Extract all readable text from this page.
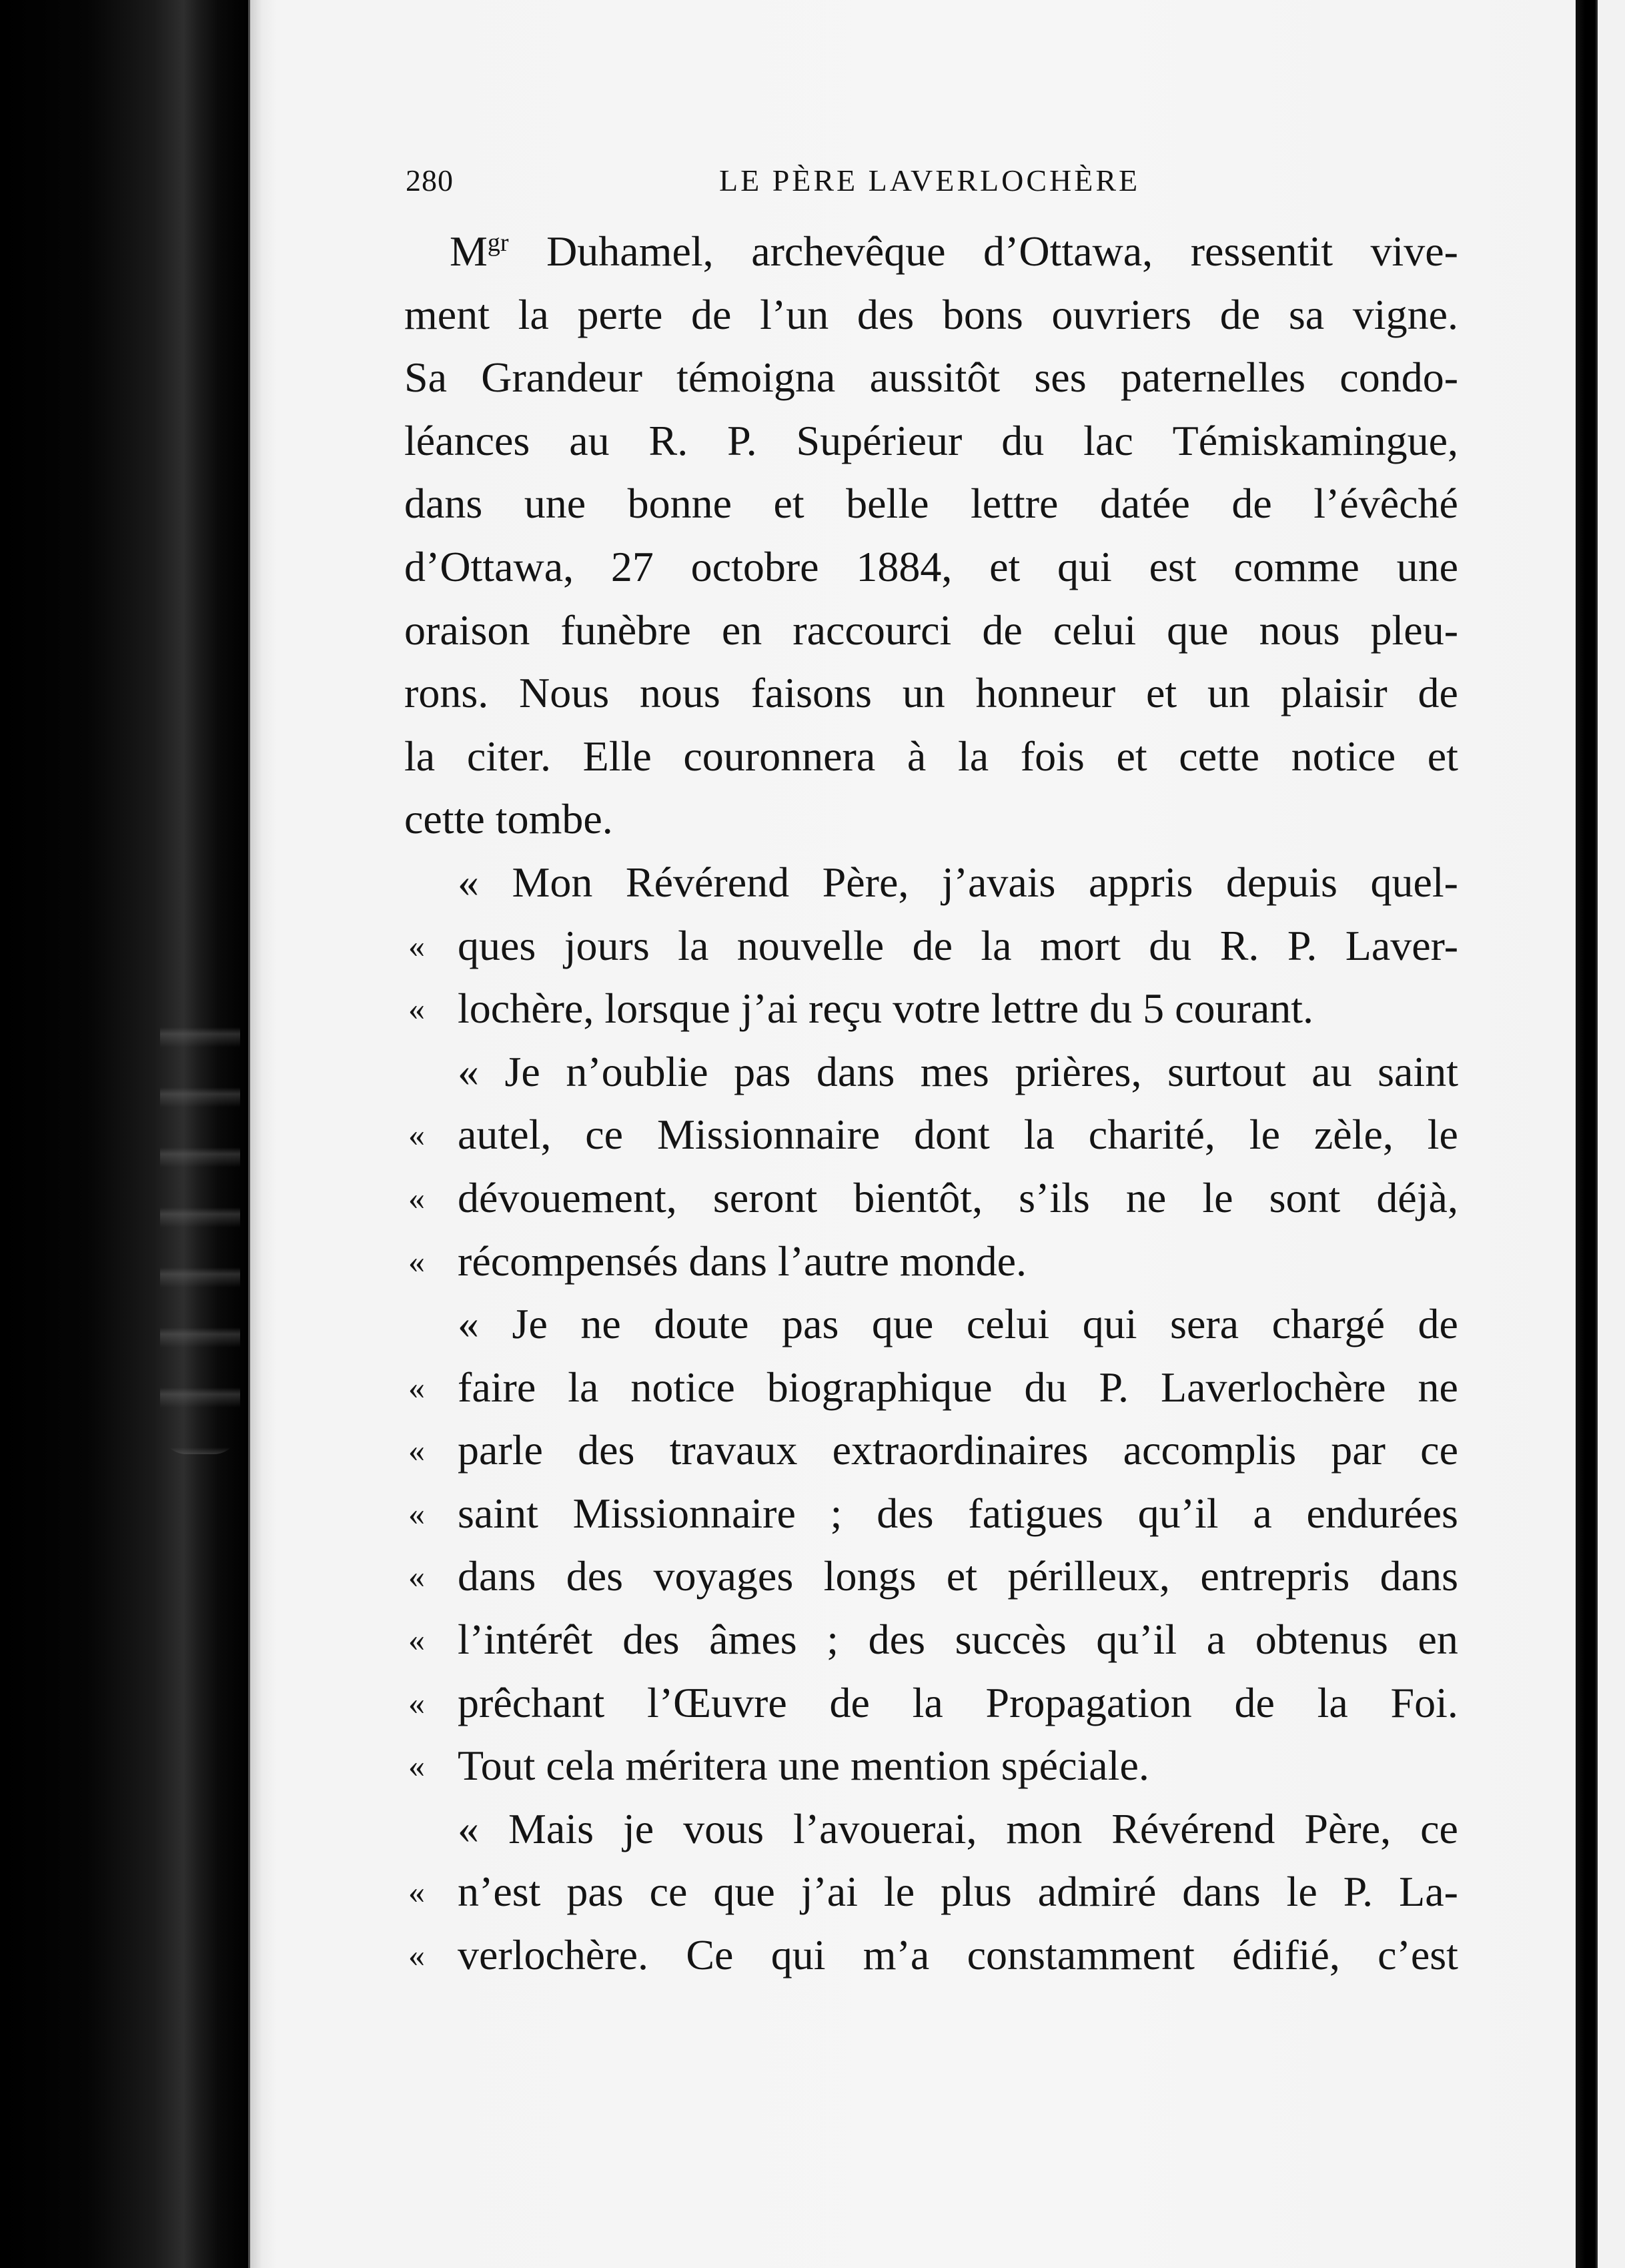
280	LE PÈRE LAVERLOCHÈRE
$M^{gr}$ Duhamel, archevêque d’Ottawa, ressentit vive-
ment la perte de l’un des bons ouvriers de sa vigne.
Sa Grandeur témoigna aussitôt ses paternelles condo-
léances au R. P. Supérieur du lac Témiskamingue,
dans une bonne et belle lettre datée de l’évêché
d’Ottawa, 27 octobre 1884, et qui est comme une
oraison funèbre en raccourci de celui que nous pleu-
rons. Nous nous faisons un honneur et un plaisir de
la citer. Elle couronnera à la fois et cette notice et
cette tombe.
« Mon Révérend Père, j’avais appris depuis quel-
« ques jours la nouvelle de la mort du R. P. Laver-
« lochère, lorsque j’ai reçu votre lettre du 5 courant.
« Je n’oublie pas dans mes prières, surtout au saint
« autel, ce Missionnaire dont la charité, le zèle, le
« dévouement, seront bientôt, s’ils ne le sont déjà,
« récompensés dans l’autre monde.
« Je ne doute pas que celui qui sera chargé de
« faire la notice biographique du P. Laverlochère ne
« parle des travaux extraordinaires accomplis par ce
« saint Missionnaire ; des fatigues qu’il a endurées
« dans des voyages longs et périlleux, entrepris dans
« l’intérêt des âmes ; des succès qu’il a obtenus en
« prêchant l’Œuvre de la Propagation de la Foi.
« Tout cela méritera une mention spéciale.
« Mais je vous l’avouerai, mon Révérend Père, ce
« n’est pas ce que j’ai le plus admiré dans le P. La-
« verlochère. Ce qui m’a constamment édifié, c’est
